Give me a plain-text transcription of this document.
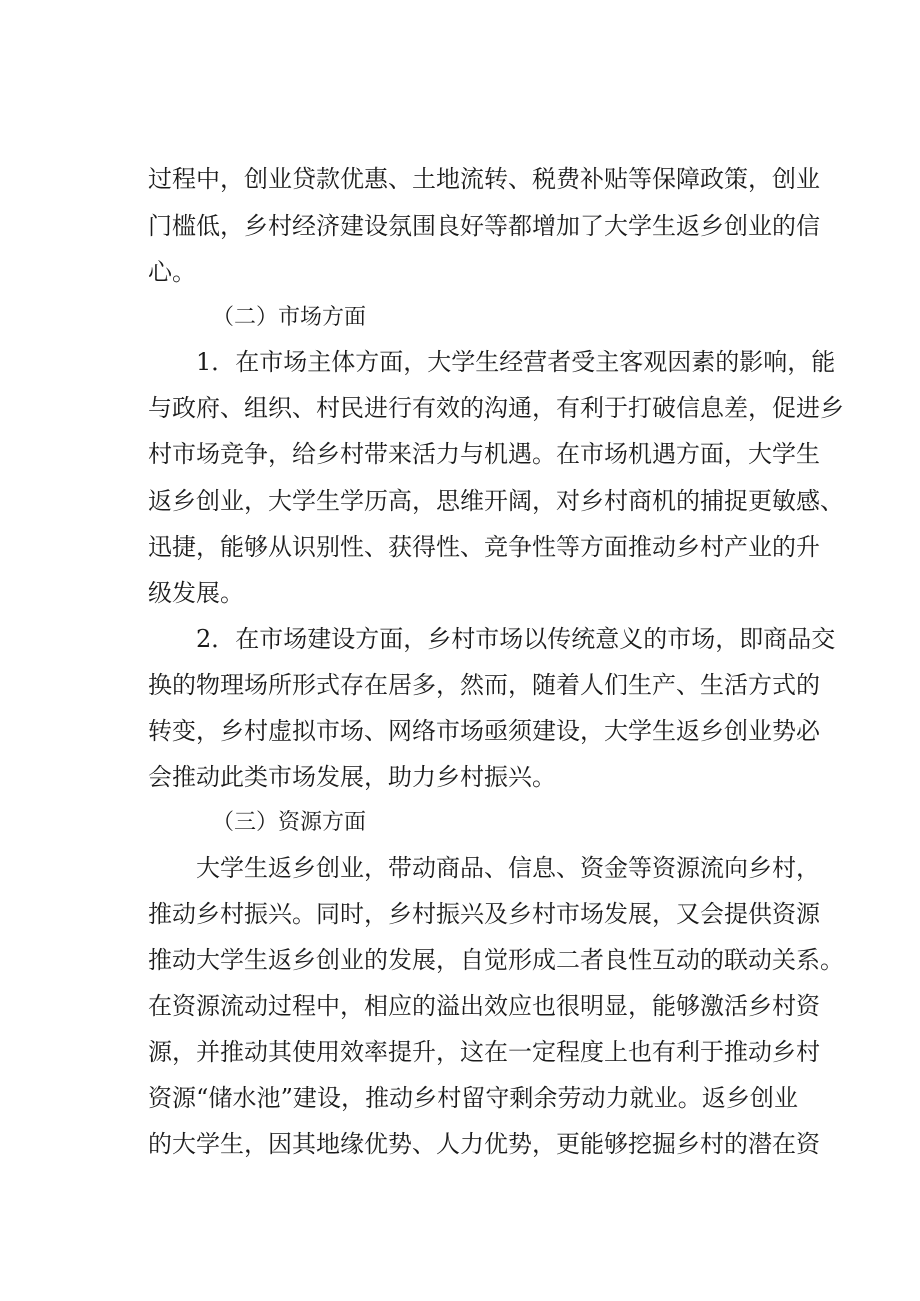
过程中，创业贷款优惠、土地流转、税费补贴等保障政策，创业
门槛低，乡村经济建设氛围良好等都增加了大学生返乡创业的信
心。
（二）市场方面
1．在市场主体方面，大学生经营者受主客观因素的影响，能
与政府、组织、村民进行有效的沟通，有利于打破信息差，促进乡
村市场竞争，给乡村带来活力与机遇。在市场机遇方面，大学生
返乡创业，大学生学历高，思维开阔，对乡村商机的捕捉更敏感、
迅捷，能够从识别性、获得性、竞争性等方面推动乡村产业的升
级发展。
2．在市场建设方面，乡村市场以传统意义的市场，即商品交
换的物理场所形式存在居多，然而，随着人们生产、生活方式的
转变，乡村虚拟市场、网络市场亟须建设，大学生返乡创业势必
会推动此类市场发展，助力乡村振兴。
（三）资源方面
大学生返乡创业，带动商品、信息、资金等资源流向乡村，
推动乡村振兴。同时，乡村振兴及乡村市场发展，又会提供资源
推动大学生返乡创业的发展，自觉形成二者良性互动的联动关系。
在资源流动过程中，相应的溢出效应也很明显，能够激活乡村资
源，并推动其使用效率提升，这在一定程度上也有利于推动乡村
资源“储水池”建设，推动乡村留守剩余劳动力就业。返乡创业
的大学生，因其地缘优势、人力优势，更能够挖掘乡村的潜在资
